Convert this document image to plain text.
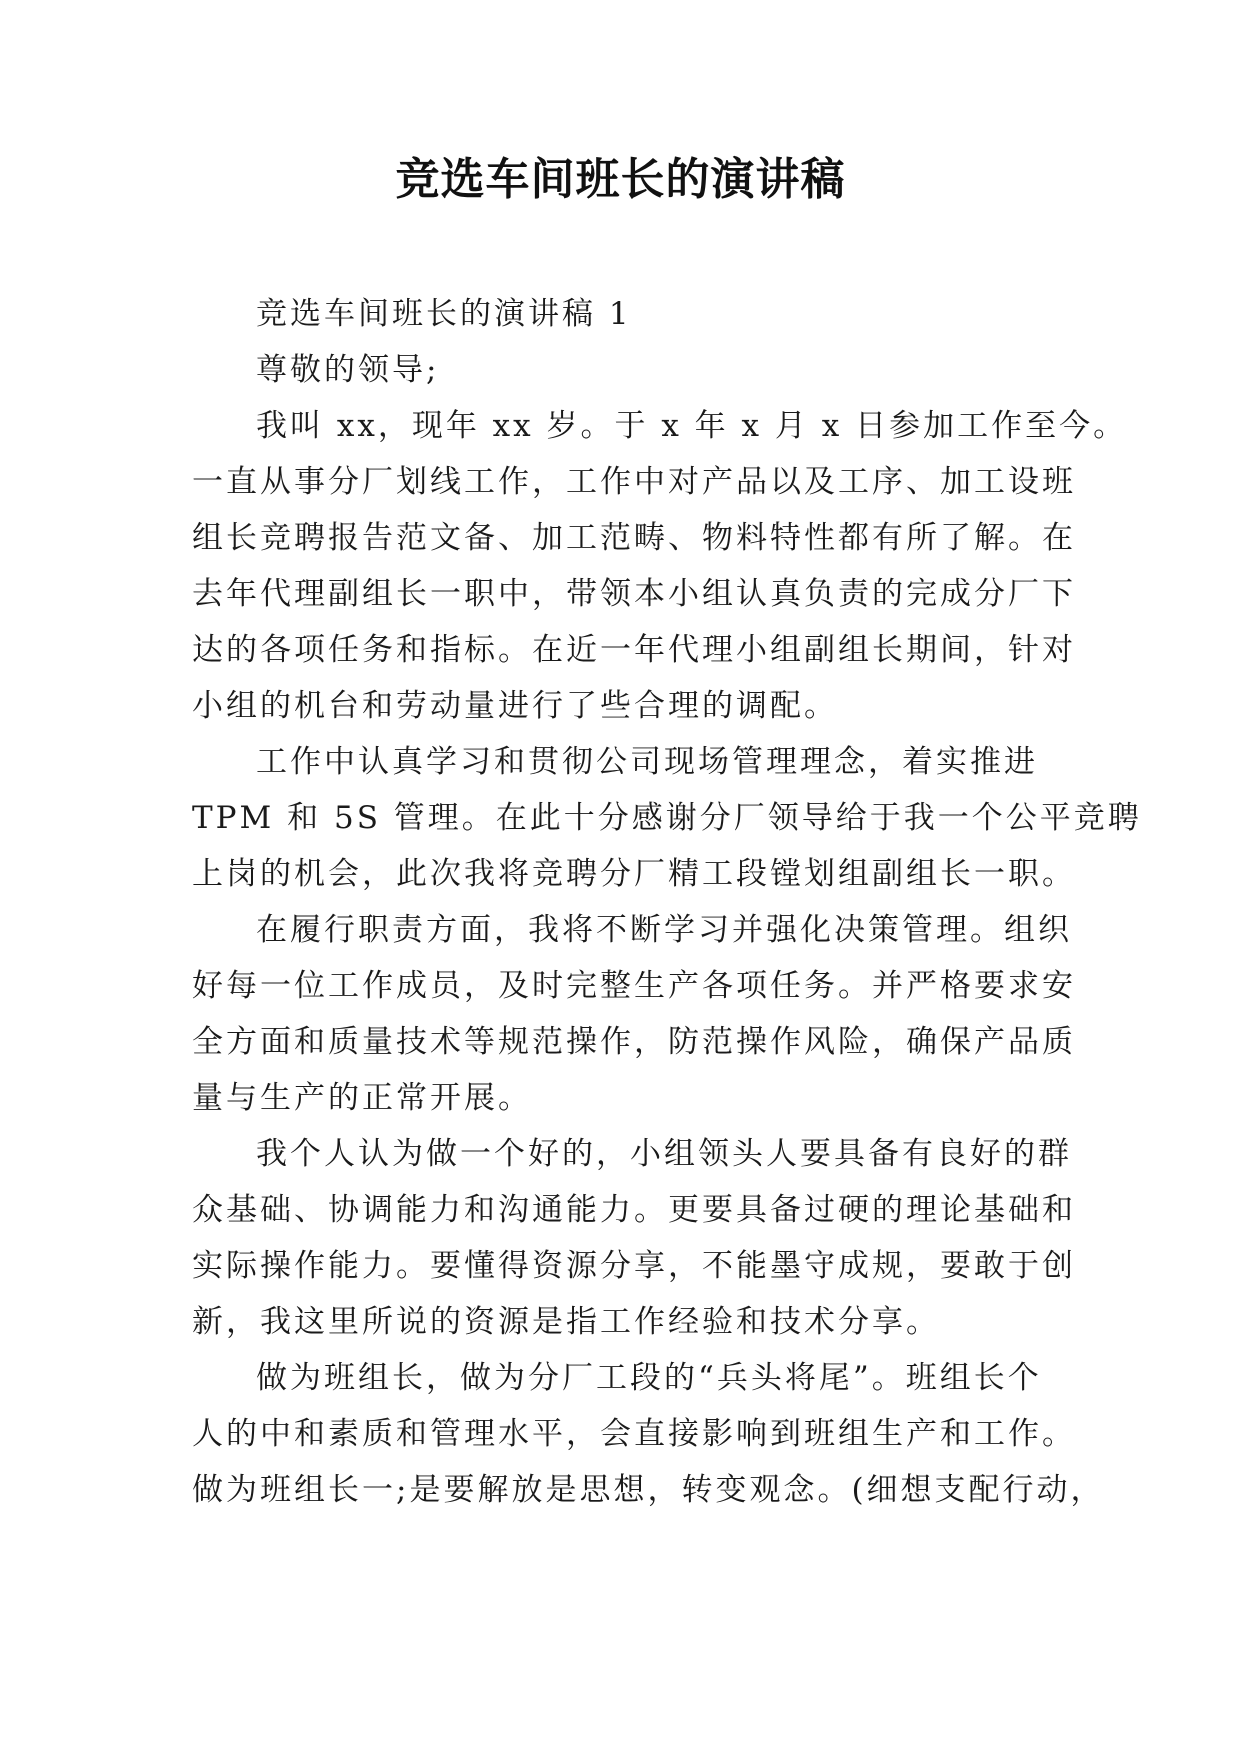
竞选车间班长的演讲稿

竞选车间班长的演讲稿 1

尊敬的领导;

我叫 xx，现年 xx 岁。于 x 年 x 月 x 日参加工作至今。

一直从事分厂划线工作，工作中对产品以及工序、加工设班

组长竞聘报告范文备、加工范畴、物料特性都有所了解。在

去年代理副组长一职中，带领本小组认真负责的完成分厂下

达的各项任务和指标。在近一年代理小组副组长期间，针对

小组的机台和劳动量进行了些合理的调配。

工作中认真学习和贯彻公司现场管理理念，着实推进

TPM 和 5S 管理。在此十分感谢分厂领导给于我一个公平竞聘

上岗的机会，此次我将竞聘分厂精工段镗划组副组长一职。

在履行职责方面，我将不断学习并强化决策管理。组织

好每一位工作成员，及时完整生产各项任务。并严格要求安

全方面和质量技术等规范操作，防范操作风险，确保产品质

量与生产的正常开展。

我个人认为做一个好的，小组领头人要具备有良好的群

众基础、协调能力和沟通能力。更要具备过硬的理论基础和

实际操作能力。要懂得资源分享，不能墨守成规，要敢于创

新，我这里所说的资源是指工作经验和技术分享。

做为班组长，做为分厂工段的“兵头将尾”。班组长个

人的中和素质和管理水平，会直接影响到班组生产和工作。

做为班组长一;是要解放是思想，转变观念。(细想支配行动，
